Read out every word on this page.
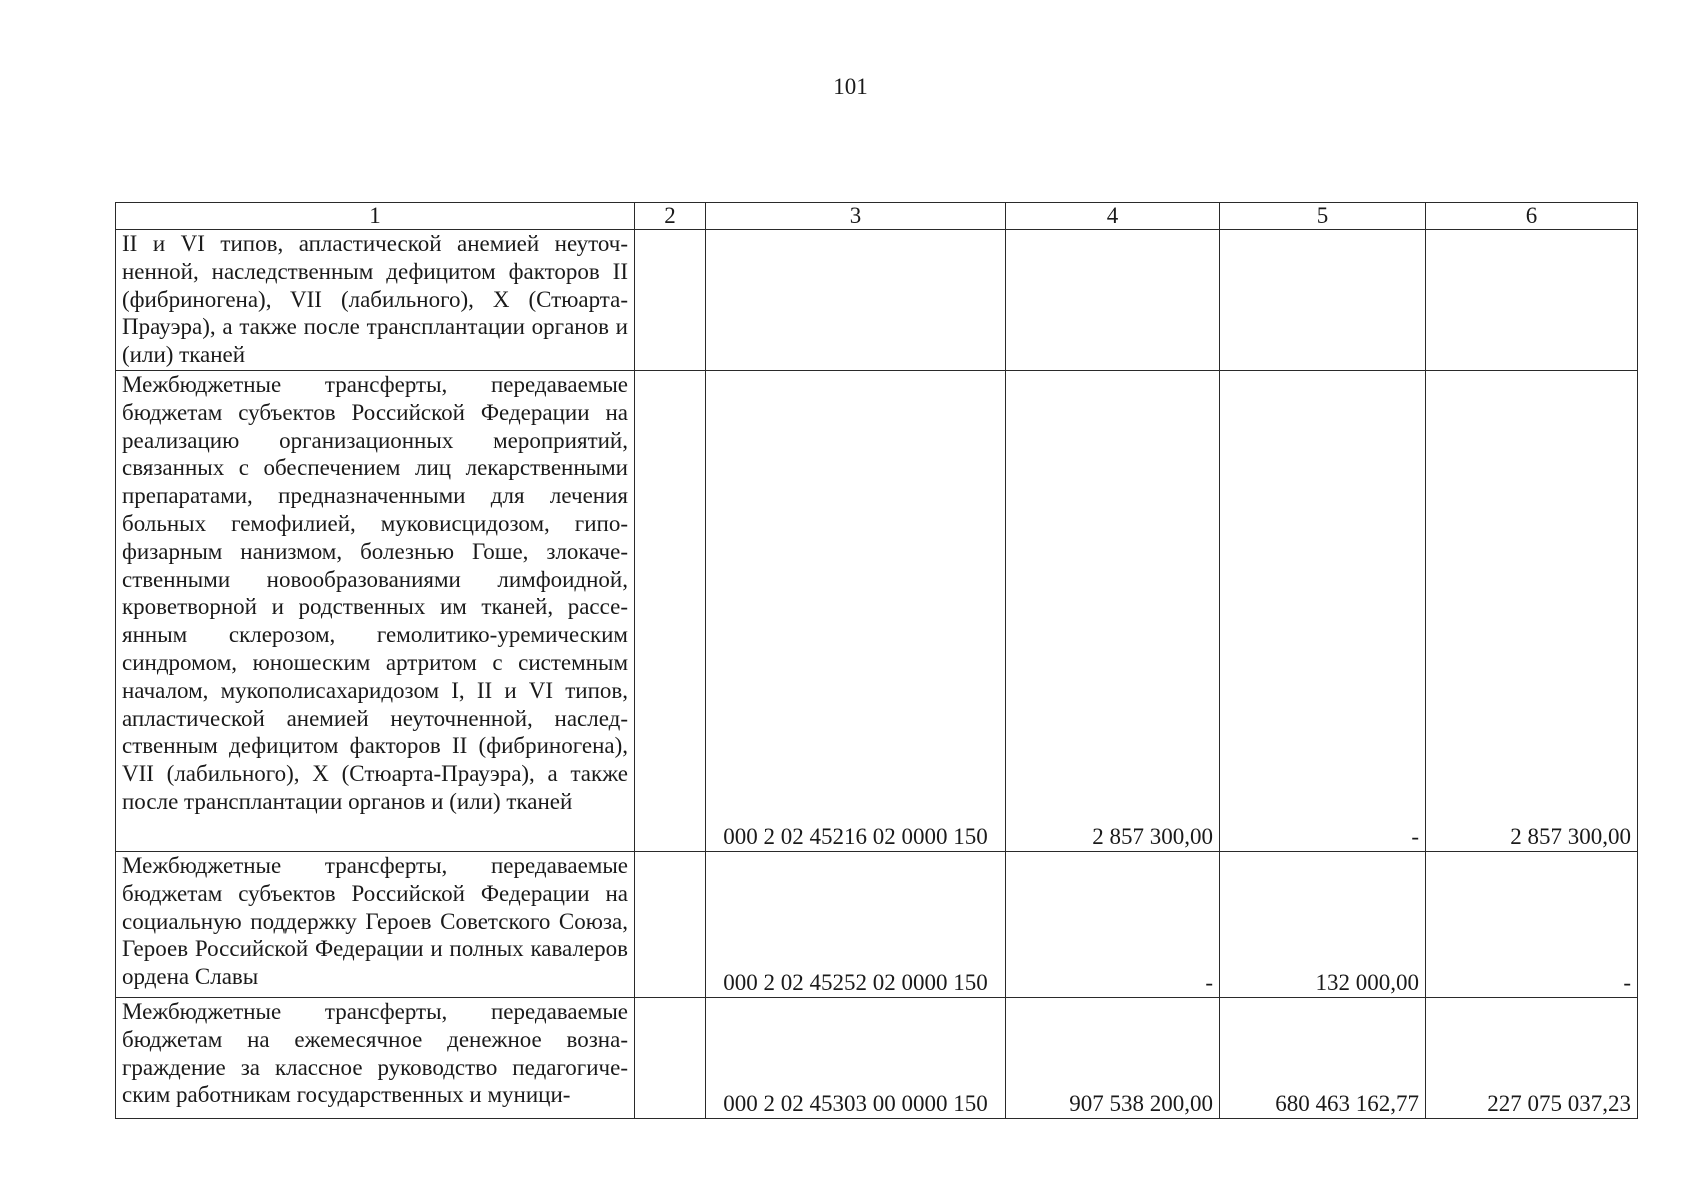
101
1	2	3	4	5	6
II и VI типов, апластической анемией неуточненной, наследственным дефицитом факторов II (фибриногена), VII (лабильного), X (Стюарта-Прауэра), а также после трансплантации органов и (или) тканей					
Межбюджетные трансферты, передаваемые бюджетам субъектов Российской Федерации на реализацию организационных мероприятий, связанных с обеспечением лиц лекарственными препаратами, предназначенными для лечения больных гемофилией, муковисцидозом, гипофизарным нанизмом, болезнью Гоше, злокачественными новообразованиями лимфоидной, кроветворной и родственных им тканей, рассеянным склерозом, гемолитико-уремическим синдромом, юношеским артритом с системным началом, мукополисахаридозом I, II и VI типов, апластической анемией неуточненной, наследственным дефицитом факторов II (фибриногена), VII (лабильного), X (Стюарта-Прауэра), а также после трансплантации органов и (или) тканей		000 2 02 45216 02 0000 150	2 857 300,00	-	2 857 300,00
Межбюджетные трансферты, передаваемые бюджетам субъектов Российской Федерации на социальную поддержку Героев Советского Союза, Героев Российской Федерации и полных кавалеров ордена Славы		000 2 02 45252 02 0000 150	-	132 000,00	-
Межбюджетные трансферты, передаваемые бюджетам на ежемесячное денежное вознаграждение за классное руководство педагогическим работникам государственных и муници-		000 2 02 45303 00 0000 150	907 538 200,00	680 463 162,77	227 075 037,23
